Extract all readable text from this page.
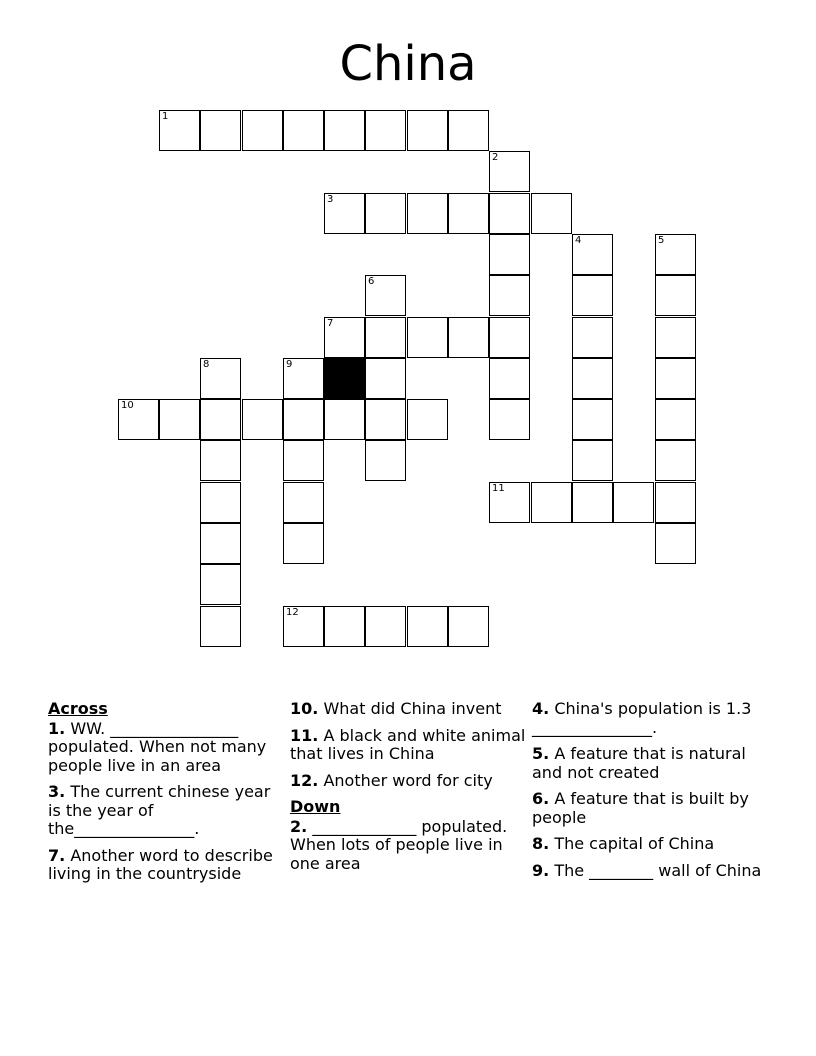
China
1
2
3
4	5
6
7
8	9
10
11
12
Across
1. WW. ________________ populated. When not many people live in an area
3. The current chinese year is the year of the_______________.
7. Another word to describe living in the countryside
10. What did China invent
11. A black and white animal that lives in China
12. Another word for city
Down
2. _____________ populated. When lots of people live in one area
4. China's population is 1.3 _______________.
5. A feature that is natural and not created
6. A feature that is built by people
8. The capital of China
9. The ________ wall of China
